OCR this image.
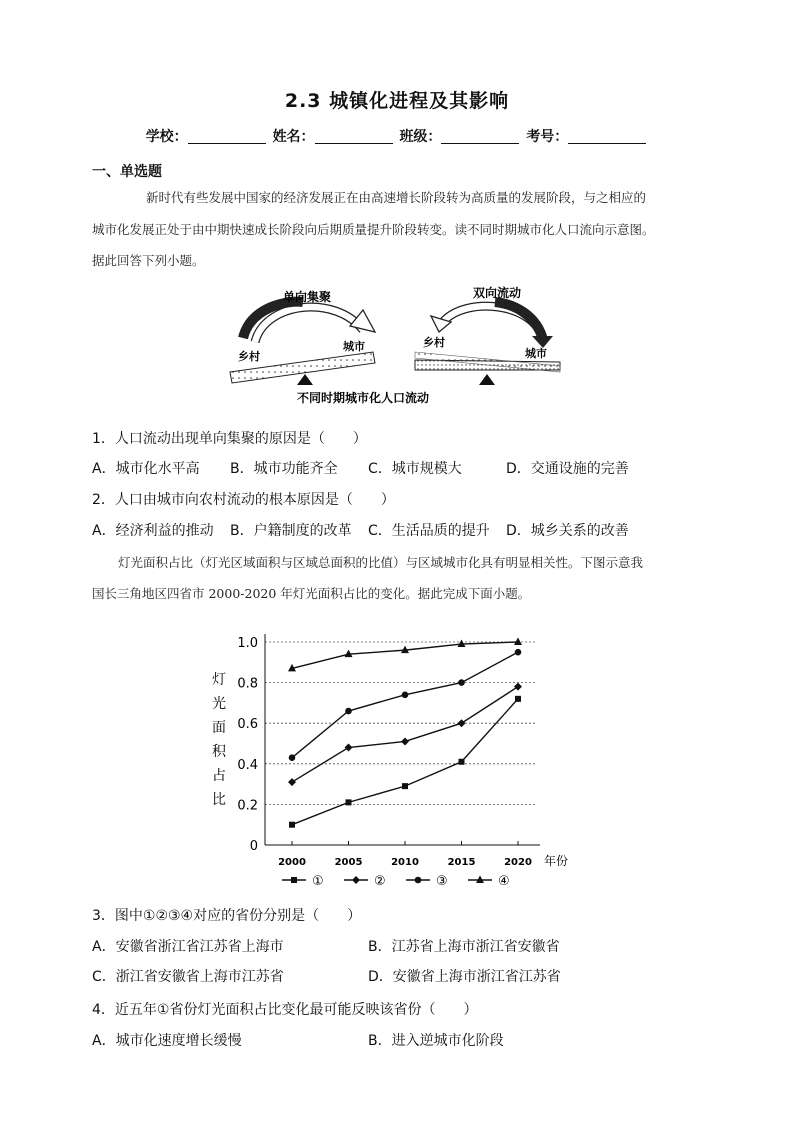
2.3 城镇化进程及其影响
学校：	姓名：	班级：	考号：
一、单选题
新时代有些发展中国家的经济发展正在由高速增长阶段转为高质量的发展阶段，与之相应的
城市化发展正处于由中期快速成长阶段向后期质量提升阶段转变。读不同时期城市化人口流向示意图。
据此回答下列小题。
单向集聚
乡村
城市
双向流动
乡村
城市
不同时期城市化人口流动
1．人口流动出现单向集聚的原因是（　　）
A．城市化水平高 B．城市功能齐全 C．城市规模大	D．交通设施的完善
2．人口由城市向农村流动的根本原因是（　　）
A．经济利益的推动 B．户籍制度的改革 C．生活品质的提升 D．城乡关系的改善
灯光面积占比（灯光区域面积与区域总面积的比值）与区域城市化具有明显相关性。下图示意我
国长三角地区四省市 2000-2020 年灯光面积占比的变化。据此完成下面小题。
灯
光
面
积
占
比
0
0.2
0.4
0.6
0.8
1.0
2000	2005	2010	2015	2020 年份
①	②	③	④
3．图中①②③④对应的省份分别是（　　）
A．安徽省浙江省江苏省上海市	B．江苏省上海市浙江省安徽省
C．浙江省安徽省上海市江苏省	D．安徽省上海市浙江省江苏省
4．近五年①省份灯光面积占比变化最可能反映该省份（　　）
A．城市化速度增长缓慢	B．进入逆城市化阶段
